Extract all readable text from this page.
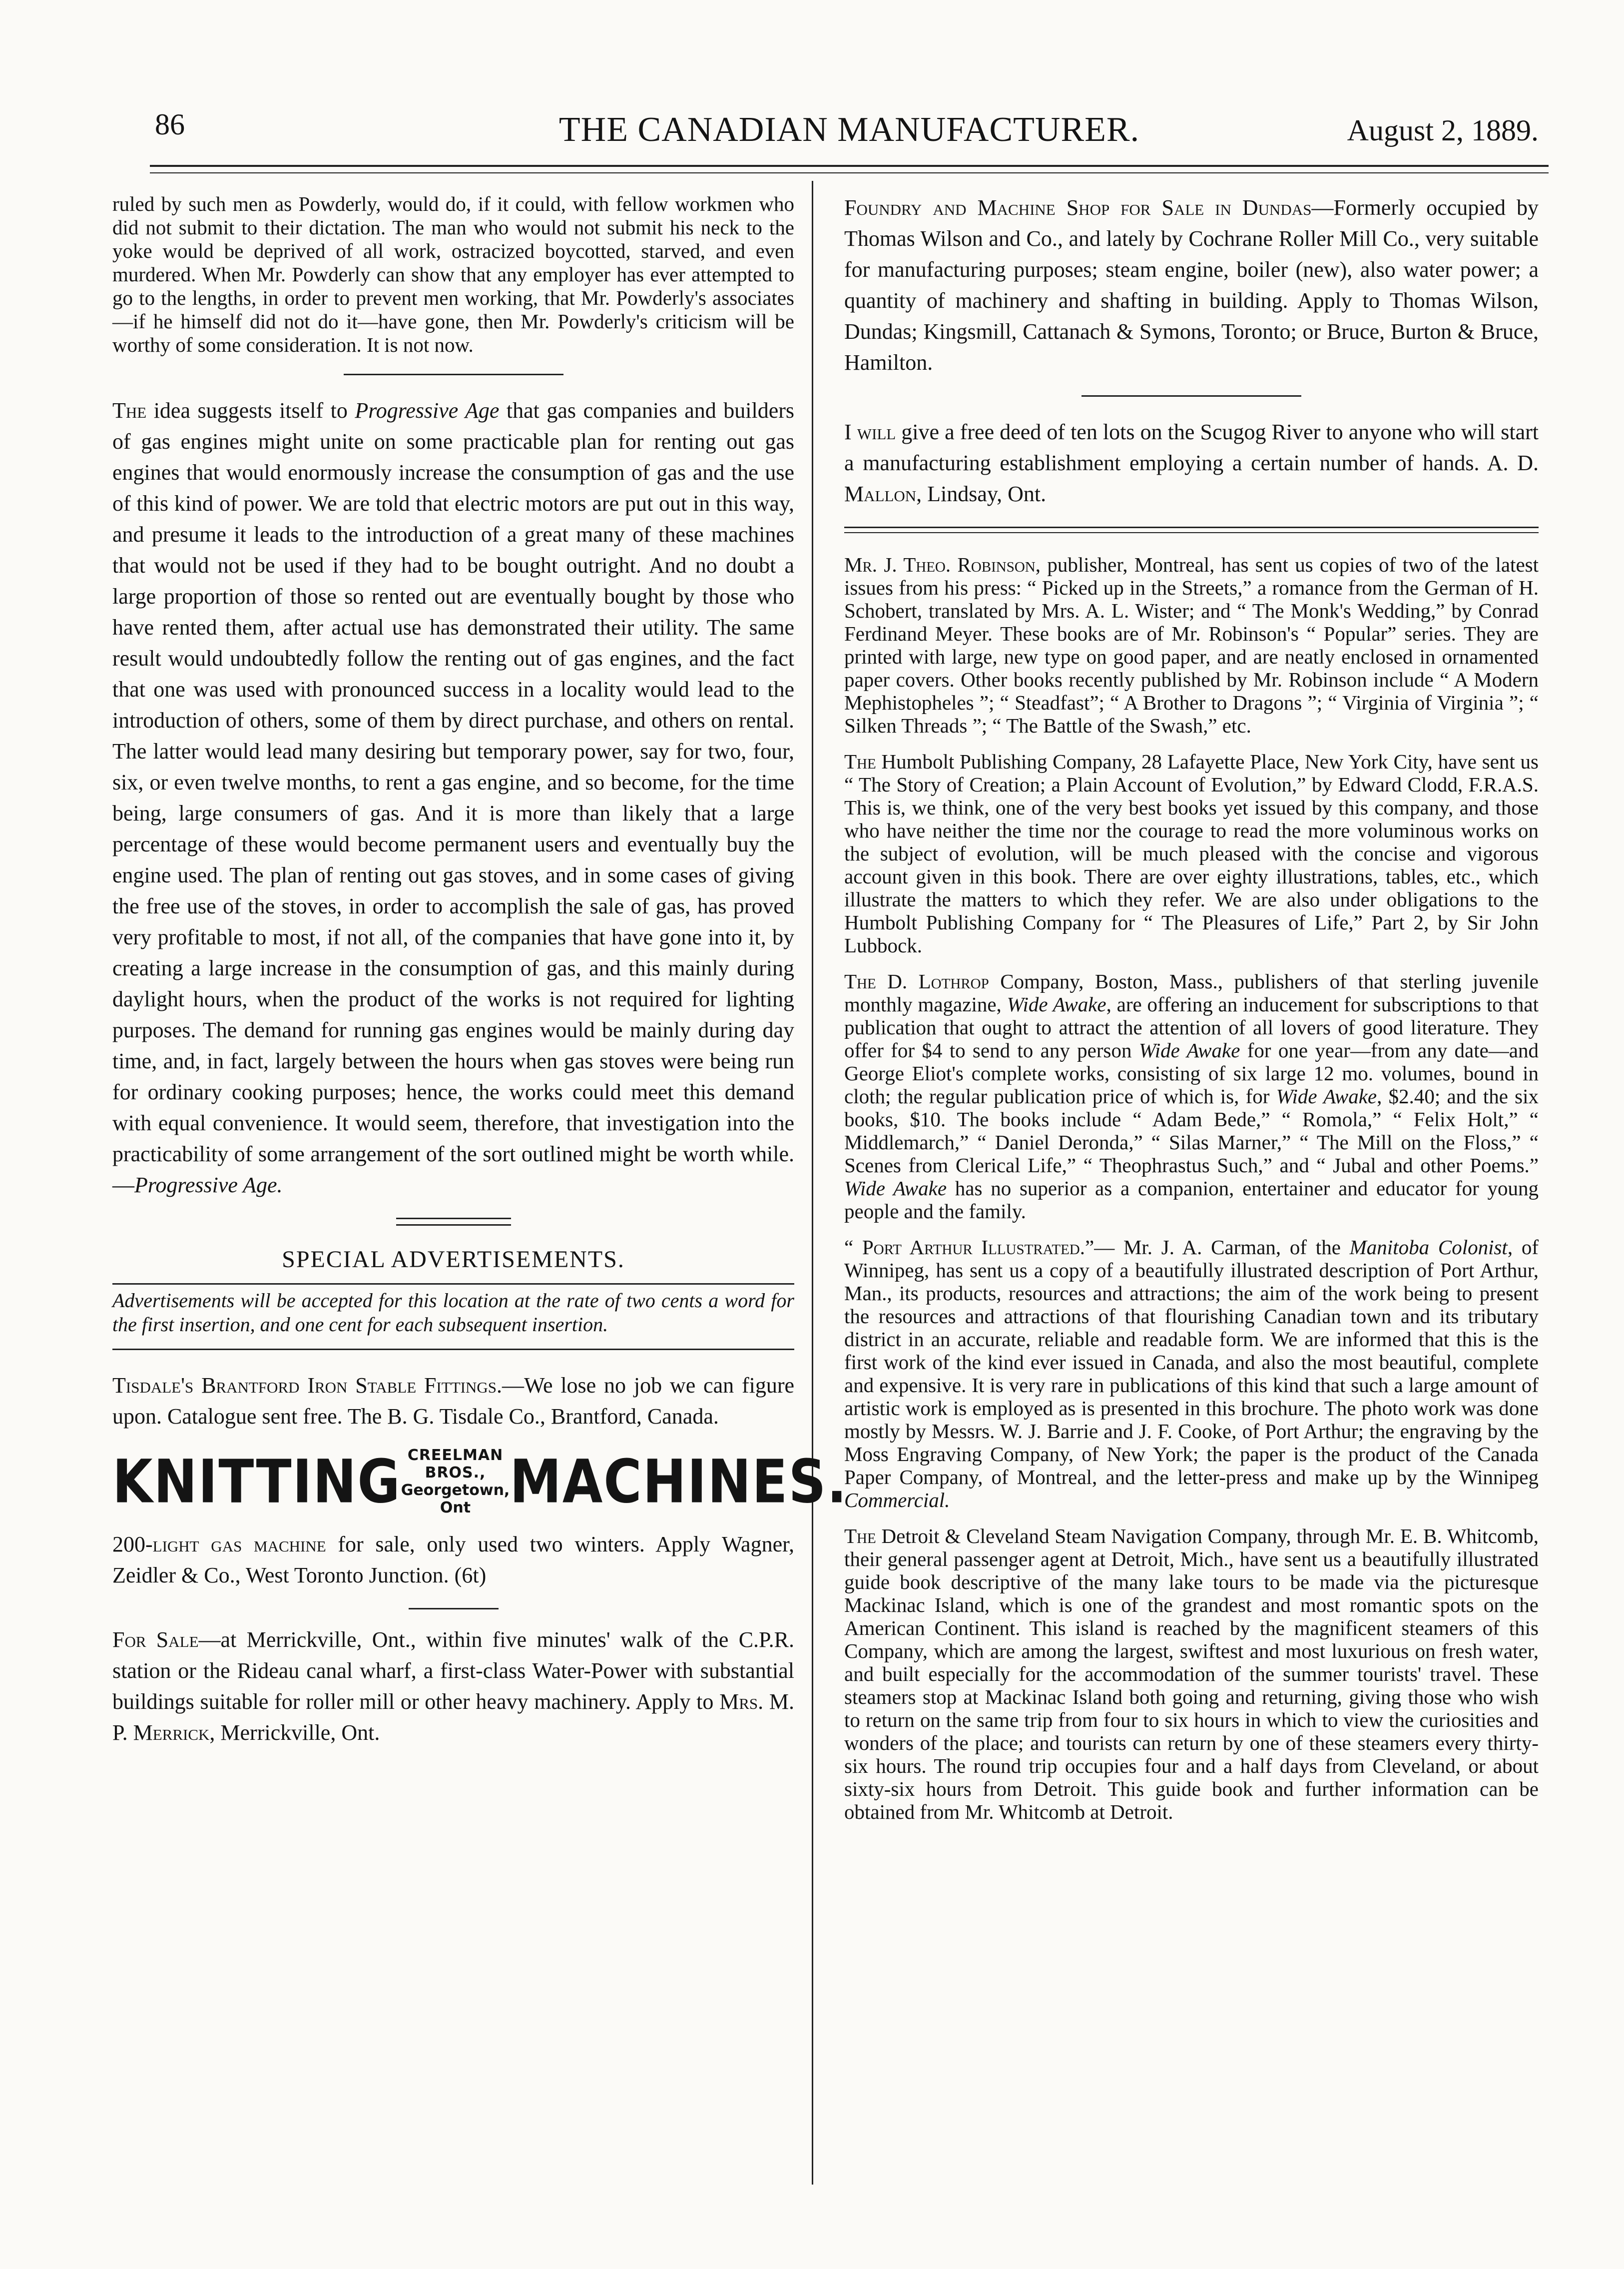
86	THE CANADIAN MANUFACTURER.	August 2, 1889.

ruled by such men as Powderly, would do, if it could, with fellow workmen who did not submit to their dictation. The man who would not submit his neck to the yoke would be deprived of all work, ostracized boycotted, starved, and even murdered. When Mr. Powderly can show that any employer has ever attempted to go to the lengths, in order to prevent men working, that Mr. Powderly's associates—if he himself did not do it—have gone, then Mr. Powderly's criticism will be worthy of some consideration. It is not now.

The idea suggests itself to Progressive Age that gas companies and builders of gas engines might unite on some practicable plan for renting out gas engines that would enormously increase the consumption of gas and the use of this kind of power. We are told that electric motors are put out in this way, and presume it leads to the introduction of a great many of these machines that would not be used if they had to be bought outright. And no doubt a large proportion of those so rented out are eventually bought by those who have rented them, after actual use has demonstrated their utility. The same result would undoubtedly follow the renting out of gas engines, and the fact that one was used with pronounced success in a locality would lead to the introduction of others, some of them by direct purchase, and others on rental. The latter would lead many desiring but temporary power, say for two, four, six, or even twelve months, to rent a gas engine, and so become, for the time being, large consumers of gas. And it is more than likely that a large percentage of these would become permanent users and eventually buy the engine used. The plan of renting out gas stoves, and in some cases of giving the free use of the stoves, in order to accomplish the sale of gas, has proved very profitable to most, if not all, of the companies that have gone into it, by creating a large increase in the consumption of gas, and this mainly during daylight hours, when the product of the works is not required for lighting purposes. The demand for running gas engines would be mainly during day time, and, in fact, largely between the hours when gas stoves were being run for ordinary cooking purposes; hence, the works could meet this demand with equal convenience. It would seem, therefore, that investigation into the practicability of some arrangement of the sort outlined might be worth while.—Progressive Age.

SPECIAL ADVERTISEMENTS.
Advertisements will be accepted for this location at the rate of two cents a word for the first insertion, and one cent for each subsequent insertion.

Tisdale's Brantford Iron Stable Fittings.—We lose no job we can figure upon. Catalogue sent free. The B. G. Tisdale Co., Brantford, Canada.

KNITTING CREELMAN BROS.,
Georgetown, Ont MACHINES.

200-light gas machine for sale, only used two winters. Apply Wagner, Zeidler & Co., West Toronto Junction. (6t)

For Sale—at Merrickville, Ont., within five minutes' walk of the C.P.R. station or the Rideau canal wharf, a first-class Water-Power with substantial buildings suitable for roller mill or other heavy machinery. Apply to Mrs. M. P. Merrick, Merrickville, Ont.

Foundry and Machine Shop for Sale in Dundas—Formerly occupied by Thomas Wilson and Co., and lately by Cochrane Roller Mill Co., very suitable for manufacturing purposes; steam engine, boiler (new), also water power; a quantity of machinery and shafting in building. Apply to Thomas Wilson, Dundas; Kingsmill, Cattanach & Symons, Toronto; or Bruce, Burton & Bruce, Hamilton.

I will give a free deed of ten lots on the Scugog River to anyone who will start a manufacturing establishment employing a certain number of hands. A. D. Mallon, Lindsay, Ont.

Mr. J. Theo. Robinson, publisher, Montreal, has sent us copies of two of the latest issues from his press: “ Picked up in the Streets,” a romance from the German of H. Schobert, translated by Mrs. A. L. Wister; and “ The Monk's Wedding,” by Conrad Ferdinand Meyer. These books are of Mr. Robinson's “ Popular” series. They are printed with large, new type on good paper, and are neatly enclosed in ornamented paper covers. Other books recently published by Mr. Robinson include “ A Modern Mephistopheles ”; “ Steadfast”; “ A Brother to Dragons ”; “ Virginia of Virginia ”; “ Silken Threads ”; “ The Battle of the Swash,” etc.
The Humbolt Publishing Company, 28 Lafayette Place, New York City, have sent us “ The Story of Creation; a Plain Account of Evolution,” by Edward Clodd, F.R.A.S. This is, we think, one of the very best books yet issued by this company, and those who have neither the time nor the courage to read the more voluminous works on the subject of evolution, will be much pleased with the concise and vigorous account given in this book. There are over eighty illustrations, tables, etc., which illustrate the matters to which they refer. We are also under obligations to the Humbolt Publishing Company for “ The Pleasures of Life,” Part 2, by Sir John Lubbock.
The D. Lothrop Company, Boston, Mass., publishers of that sterling juvenile monthly magazine, Wide Awake, are offering an inducement for subscriptions to that publication that ought to attract the attention of all lovers of good literature. They offer for $4 to send to any person Wide Awake for one year—from any date—and George Eliot's complete works, consisting of six large 12 mo. volumes, bound in cloth; the regular publication price of which is, for Wide Awake, $2.40; and the six books, $10. The books include “ Adam Bede,” “ Romola,” “ Felix Holt,” “ Middlemarch,” “ Daniel Deronda,” “ Silas Marner,” “ The Mill on the Floss,” “ Scenes from Clerical Life,” “ Theophrastus Such,” and “ Jubal and other Poems.” Wide Awake has no superior as a companion, entertainer and educator for young people and the family.
“ Port Arthur Illustrated.”— Mr. J. A. Carman, of the Manitoba Colonist, of Winnipeg, has sent us a copy of a beautifully illustrated description of Port Arthur, Man., its products, resources and attractions; the aim of the work being to present the resources and attractions of that flourishing Canadian town and its tributary district in an accurate, reliable and readable form. We are informed that this is the first work of the kind ever issued in Canada, and also the most beautiful, complete and expensive. It is very rare in publications of this kind that such a large amount of artistic work is employed as is presented in this brochure. The photo work was done mostly by Messrs. W. J. Barrie and J. F. Cooke, of Port Arthur; the engraving by the Moss Engraving Company, of New York; the paper is the product of the Canada Paper Company, of Montreal, and the letter-press and make up by the Winnipeg Commercial.
The Detroit & Cleveland Steam Navigation Company, through Mr. E. B. Whitcomb, their general passenger agent at Detroit, Mich., have sent us a beautifully illustrated guide book descriptive of the many lake tours to be made via the picturesque Mackinac Island, which is one of the grandest and most romantic spots on the American Continent. This island is reached by the magnificent steamers of this Company, which are among the largest, swiftest and most luxurious on fresh water, and built especially for the accommodation of the summer tourists' travel. These steamers stop at Mackinac Island both going and returning, giving those who wish to return on the same trip from four to six hours in which to view the curiosities and wonders of the place; and tourists can return by one of these steamers every thirty-six hours. The round trip occupies four and a half days from Cleveland, or about sixty-six hours from Detroit. This guide book and further information can be obtained from Mr. Whitcomb at Detroit.
